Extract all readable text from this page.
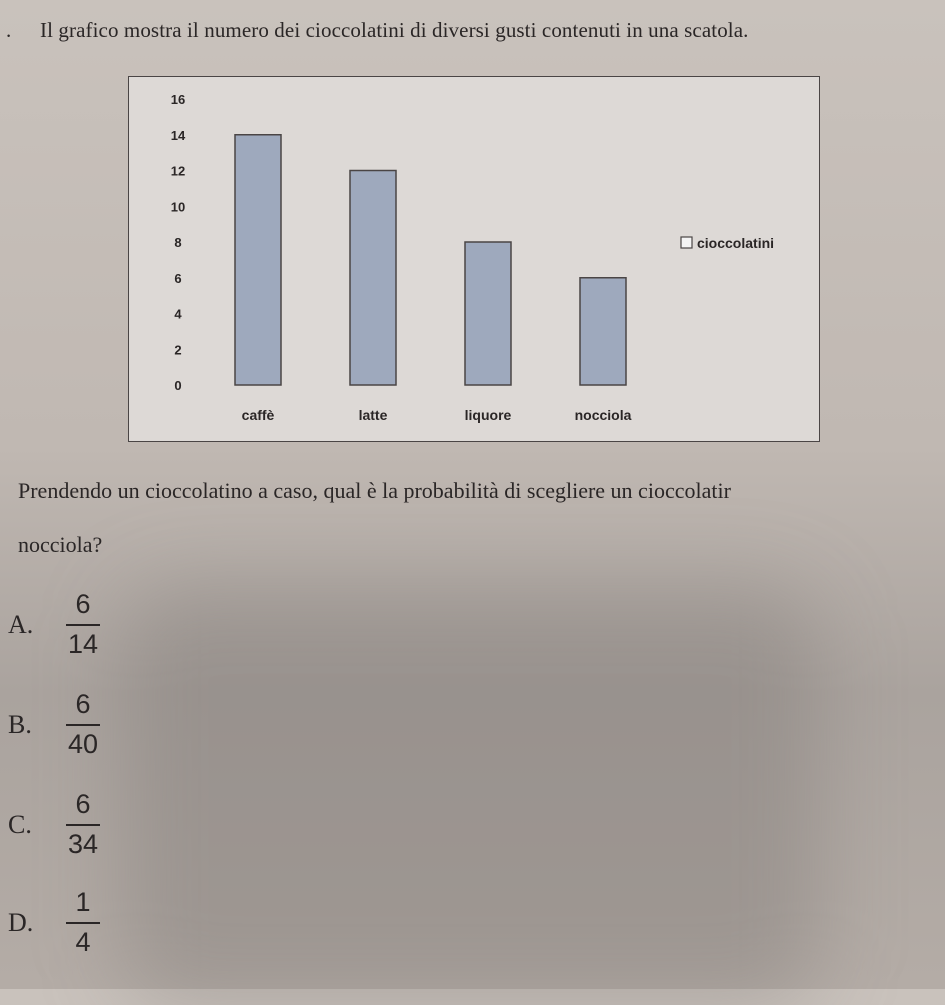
. Il grafico mostra il numero dei cioccolatini di diversi gusti contenuti in una scatola.
0
2
4
6
8
10
12
14
16
caffè	latte	liquore	nocciola
cioccolatini
Prendendo un cioccolatino a caso, qual è la probabilità di scegliere un cioccolatir
nocciola?
A.	$\frac{6}{14}$
B.	$\frac{6}{40}$
C.	$\frac{6}{34}$
D.	$\frac{1}{4}$
